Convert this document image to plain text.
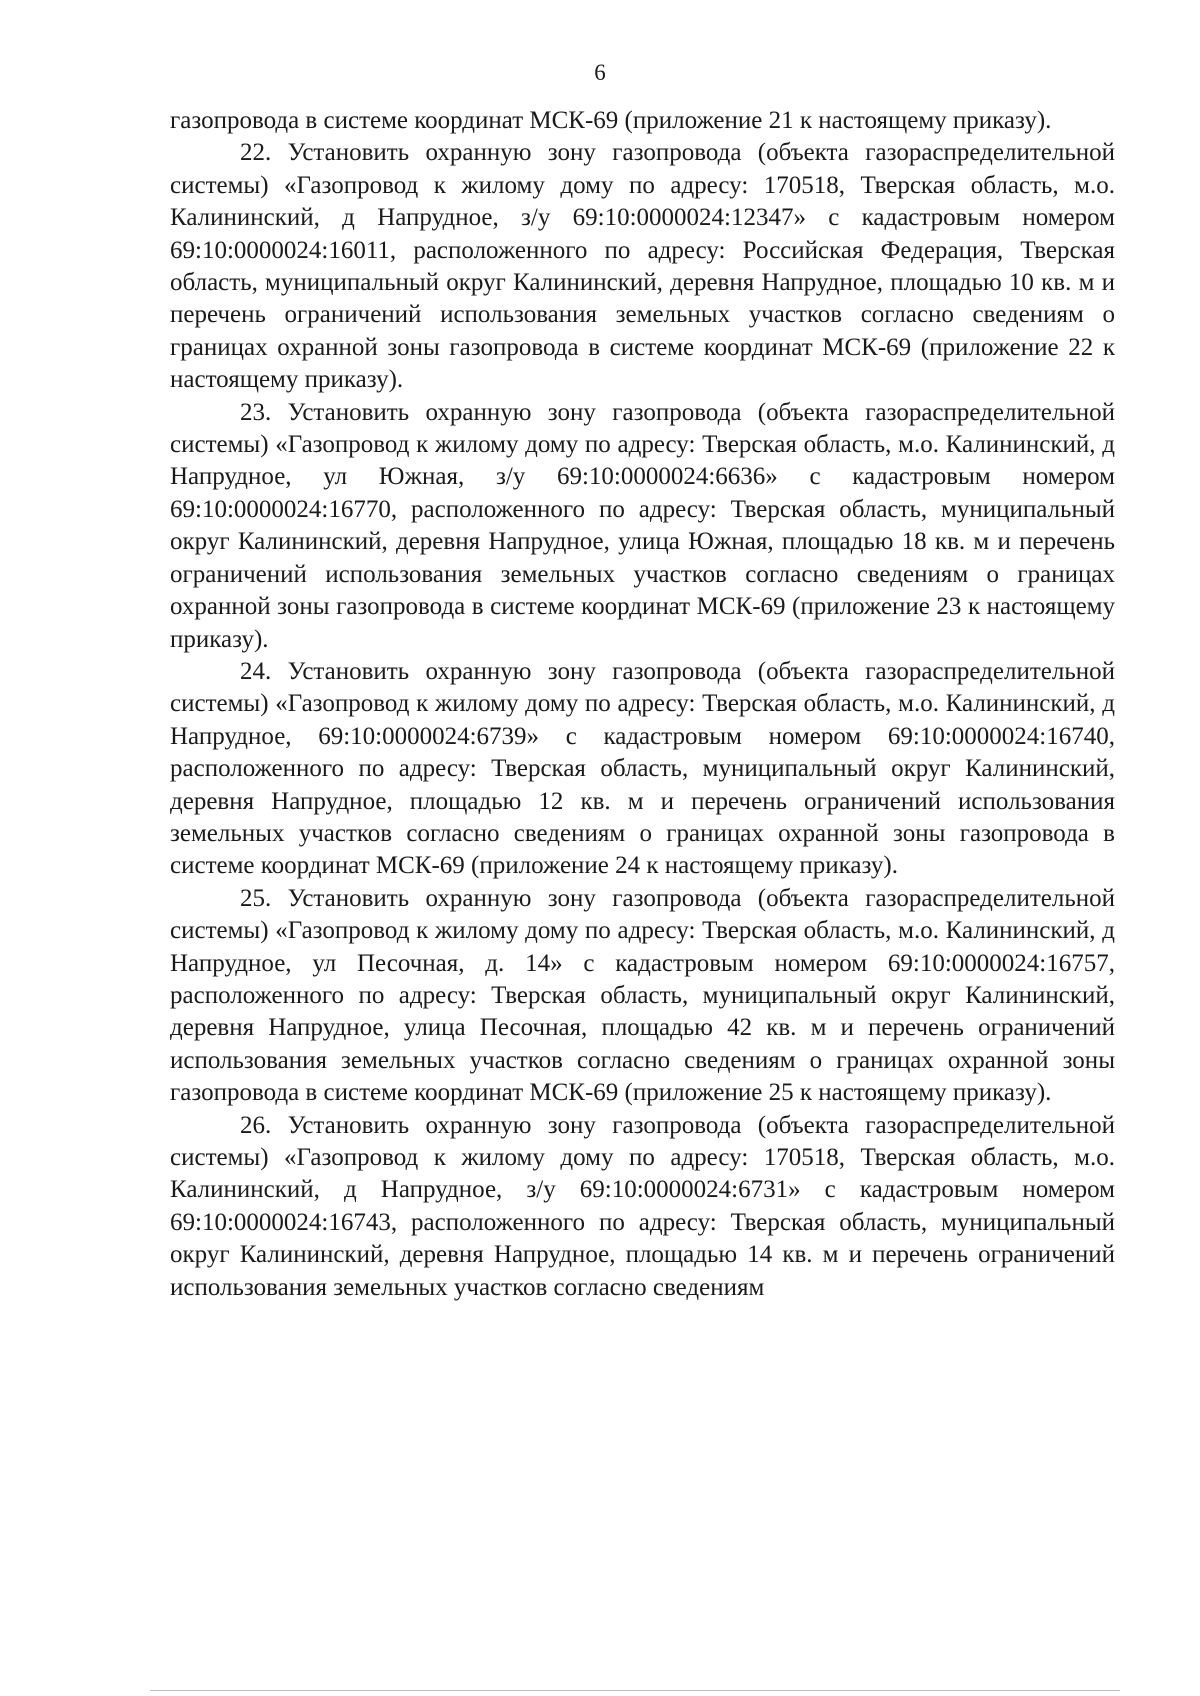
6

газопровода в системе координат МСК-69 (приложение 21 к настоящему приказу).

22. Установить охранную зону газопровода (объекта газораспределительной системы) «Газопровод к жилому дому по адресу: 170518, Тверская область, м.о. Калининский, д Напрудное, з/у 69:10:0000024:12347» с кадастровым номером 69:10:0000024:16011, расположенного по адресу: Российская Федерация, Тверская область, муниципальный округ Калининский, деревня Напрудное, площадью 10 кв. м и перечень ограничений использования земельных участков согласно сведениям о границах охранной зоны газопровода в системе координат МСК-69 (приложение 22 к настоящему приказу).

23. Установить охранную зону газопровода (объекта газораспределительной системы) «Газопровод к жилому дому по адресу: Тверская область, м.о. Калининский, д Напрудное, ул Южная, з/у 69:10:0000024:6636» с кадастровым номером 69:10:0000024:16770, расположенного по адресу: Тверская область, муниципальный округ Калининский, деревня Напрудное, улица Южная, площадью 18 кв. м и перечень ограничений использования земельных участков согласно сведениям о границах охранной зоны газопровода в системе координат МСК-69 (приложение 23 к настоящему приказу).

24. Установить охранную зону газопровода (объекта газораспределительной системы) «Газопровод к жилому дому по адресу: Тверская область, м.о. Калининский, д Напрудное, 69:10:0000024:6739» с кадастровым номером 69:10:0000024:16740, расположенного по адресу: Тверская область, муниципальный округ Калининский, деревня Напрудное, площадью 12 кв. м и перечень ограничений использования земельных участков согласно сведениям о границах охранной зоны газопровода в системе координат МСК-69 (приложение 24 к настоящему приказу).

25. Установить охранную зону газопровода (объекта газораспределительной системы) «Газопровод к жилому дому по адресу: Тверская область, м.о. Калининский, д Напрудное, ул Песочная, д. 14» с кадастровым номером 69:10:0000024:16757, расположенного по адресу: Тверская область, муниципальный округ Калининский, деревня Напрудное, улица Песочная, площадью 42 кв. м и перечень ограничений использования земельных участков согласно сведениям о границах охранной зоны газопровода в системе координат МСК-69 (приложение 25 к настоящему приказу).

26. Установить охранную зону газопровода (объекта газораспределительной системы) «Газопровод к жилому дому по адресу: 170518, Тверская область, м.о. Калининский, д Напрудное, з/у 69:10:0000024:6731» с кадастровым номером 69:10:0000024:16743, расположенного по адресу: Тверская область, муниципальный округ Калининский, деревня Напрудное, площадью 14 кв. м и перечень ограничений использования земельных участков согласно сведениям
